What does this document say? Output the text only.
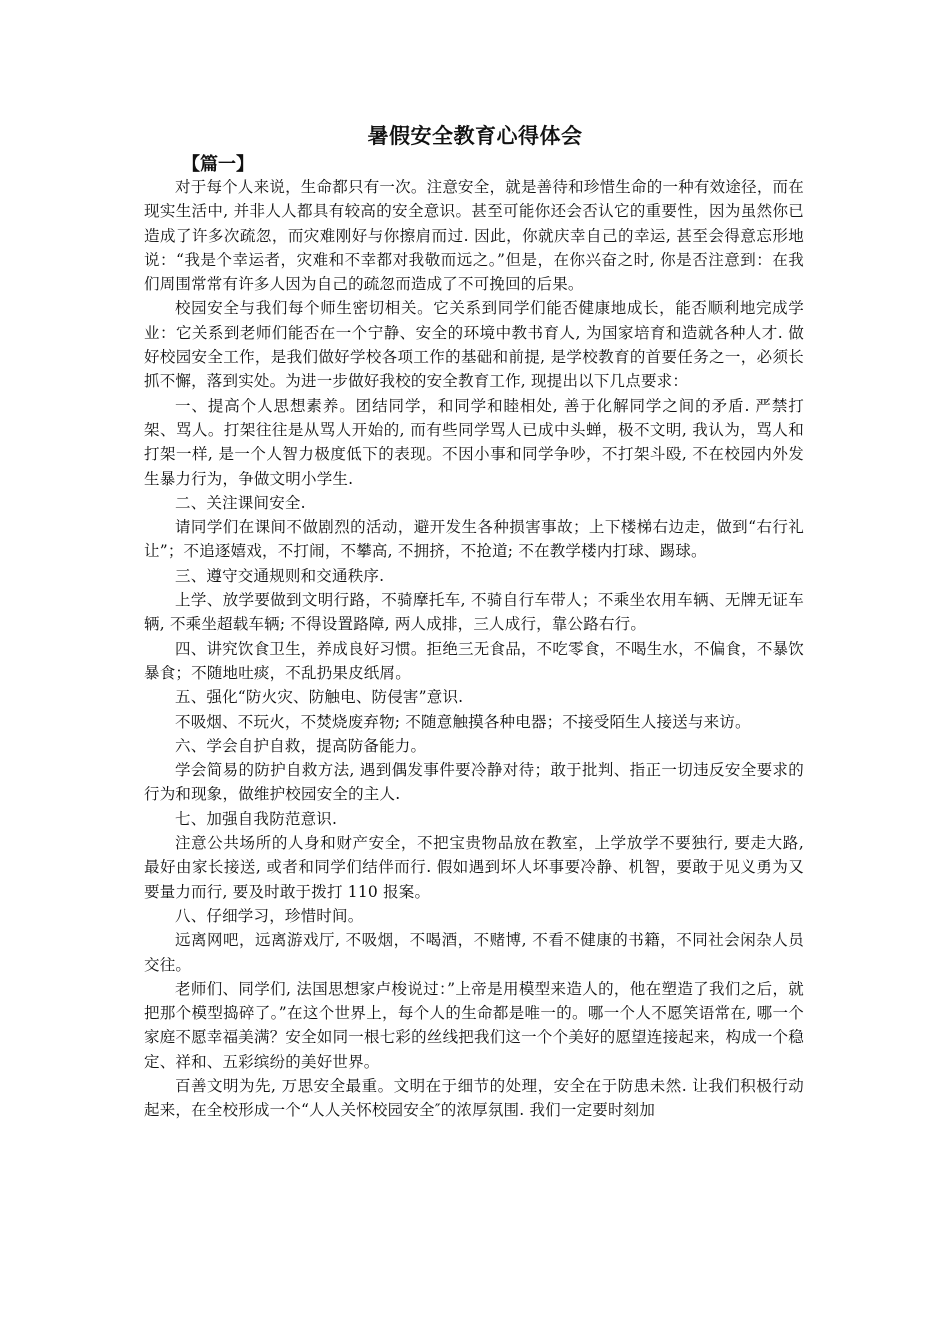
暑假安全教育心得体会
【篇一】

对于每个人来说，生命都只有一次。注意安全，就是善待和珍惜生命的一种有效途径，而在现实生活中, 并非人人都具有较高的安全意识。甚至可能你还会否认它的重要性，因为虽然你已造成了许多次疏忽，而灾难刚好与你擦肩而过. 因此，你就庆幸自己的幸运, 甚至会得意忘形地说：“我是个幸运者，灾难和不幸都对我敬而远之。”但是，在你兴奋之时, 你是否注意到：在我们周围常常有许多人因为自己的疏忽而造成了不可挽回的后果。

校园安全与我们每个师生密切相关。它关系到同学们能否健康地成长，能否顺利地完成学业：它关系到老师们能否在一个宁静、安全的环境中教书育人, 为国家培育和造就各种人才. 做好校园安全工作，是我们做好学校各项工作的基础和前提, 是学校教育的首要任务之一，必须长抓不懈，落到实处。为进一步做好我校的安全教育工作, 现提出以下几点要求：

一、提高个人思想素养。团结同学，和同学和睦相处, 善于化解同学之间的矛盾. 严禁打架、骂人。打架往往是从骂人开始的, 而有些同学骂人已成中头蝉，极不文明, 我认为，骂人和打架一样, 是一个人智力极度低下的表现。不因小事和同学争吵，不打架斗殴, 不在校园内外发生暴力行为，争做文明小学生.

二、关注课间安全.

请同学们在课间不做剧烈的活动，避开发生各种损害事故；上下楼梯右边走，做到“右行礼让”；不追逐嬉戏，不打闹，不攀高, 不拥挤，不抢道; 不在教学楼内打球、踢球。

三、遵守交通规则和交通秩序.

上学、放学要做到文明行路，不骑摩托车, 不骑自行车带人；不乘坐农用车辆、无牌无证车辆, 不乘坐超载车辆; 不得设置路障, 两人成排，三人成行，靠公路右行。

四、讲究饮食卫生，养成良好习惯。拒绝三无食品，不吃零食，不喝生水，不偏食，不暴饮暴食；不随地吐痰，不乱扔果皮纸屑。

五、强化“防火灾、防触电、防侵害”意识.

不吸烟、不玩火，不焚烧废弃物; 不随意触摸各种电器；不接受陌生人接送与来访。

六、学会自护自救，提高防备能力。

学会简易的防护自救方法, 遇到偶发事件要冷静对待；敢于批判、指正一切违反安全要求的行为和现象，做维护校园安全的主人.

七、加强自我防范意识.

注意公共场所的人身和财产安全，不把宝贵物品放在教室，上学放学不要独行, 要走大路, 最好由家长接送, 或者和同学们结伴而行. 假如遇到坏人坏事要冷静、机智，要敢于见义勇为又要量力而行, 要及时敢于拨打 110 报案。

八、仔细学习，珍惜时间。

远离网吧，远离游戏厅, 不吸烟，不喝酒，不赌博, 不看不健康的书籍，不同社会闲杂人员交往。

老师们、同学们, 法国思想家卢梭说过：”上帝是用模型来造人的，他在塑造了我们之后，就把那个模型捣碎了。”在这个世界上，每个人的生命都是唯一的。哪一个人不愿笑语常在, 哪一个家庭不愿幸福美满？安全如同一根七彩的丝线把我们这一个个美好的愿望连接起来，构成一个稳定、祥和、五彩缤纷的美好世界。

百善文明为先, 万思安全最重。文明在于细节的处理，安全在于防患未然. 让我们积极行动起来，在全校形成一个“人人关怀校园安全″的浓厚氛围. 我们一定要时刻加
